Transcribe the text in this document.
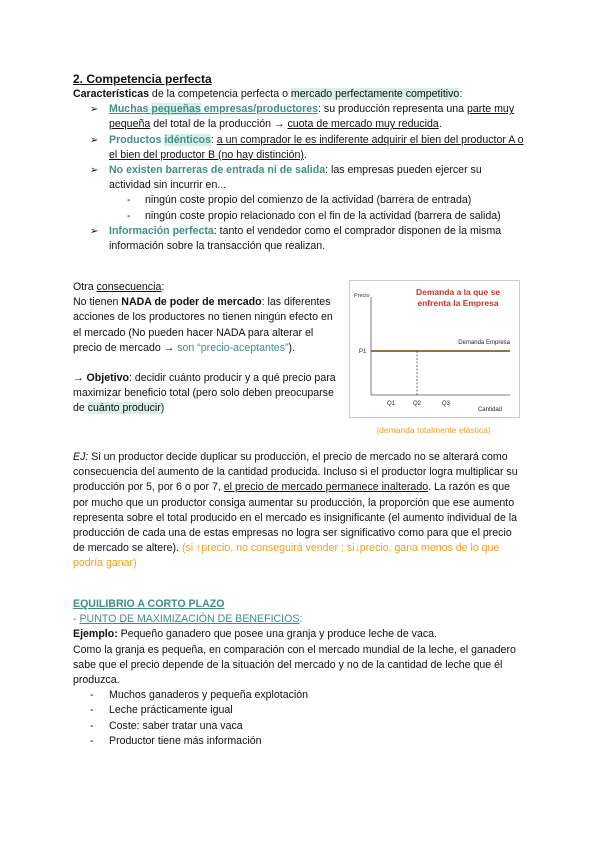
2. Competencia perfecta
Características de la competencia perfecta o mercado perfectamente competitivo:
➢ Muchas pequeñas empresas/productores: su producción representa una parte muy pequeña del total de la producción → cuota de mercado muy reducida.
➢ Productos idénticos: a un comprador le es indiferente adquirir el bien del productor A o el bien del productor B (no hay distinción).
➢ No existen barreras de entrada ni de salida: las empresas pueden ejercer su actividad sin incurrir en...
- ningún coste propio del comienzo de la actividad (barrera de entrada)
- ningún coste propio relacionado con el fin de la actividad (barrera de salida)
➢ Información perfecta: tanto el vendedor como el comprador disponen de la misma información sobre la transacción que realizan.
Otra consecuencia:
No tienen NADA de poder de mercado: las diferentes acciones de los productores no tienen ningún efecto en el mercado (No pueden hacer NADA para alterar el precio de mercado → son “precio-aceptantes”).
→ Objetivo: decidir cuánto producir y a qué precio para maximizar beneficio total (pero solo deben preocuparse de cuánto producir)
Demanda a la que se
enfrenta la Empresa
Precio
Demanda Empresa
P1
Q1	Q2	Q3
Cantidad
(demanda totalmente elástica)
EJ: Si un productor decide duplicar su producción, el precio de mercado no se alterará como consecuencia del aumento de la cantidad producida. Incluso si el productor logra multiplicar su producción por 5, por 6 o por 7, el precio de mercado permanece inalterado. La razón es que por mucho que un productor consiga aumentar su producción, la proporción que ese aumento representa sobre el total producido en el mercado es insignificante (el aumento individual de la producción de cada una de estas empresas no logra ser significativo como para que el precio de mercado se altere). (si ↑precio, no conseguirá vender ; si↓precio, gana menos de lo que podría ganar)
EQUILIBRIO A CORTO PLAZO
- PUNTO DE MAXIMIZACIÓN DE BENEFICIOS:
Ejemplo: Pequeño ganadero que posee una granja y produce leche de vaca.
Como la granja es pequeña, en comparación con el mercado mundial de la leche, el ganadero sabe que el precio depende de la situación del mercado y no de la cantidad de leche que él produzca.
- Muchos ganaderos y pequeña explotación
- Leche prácticamente igual
- Coste: saber tratar una vaca
- Productor tiene más información
